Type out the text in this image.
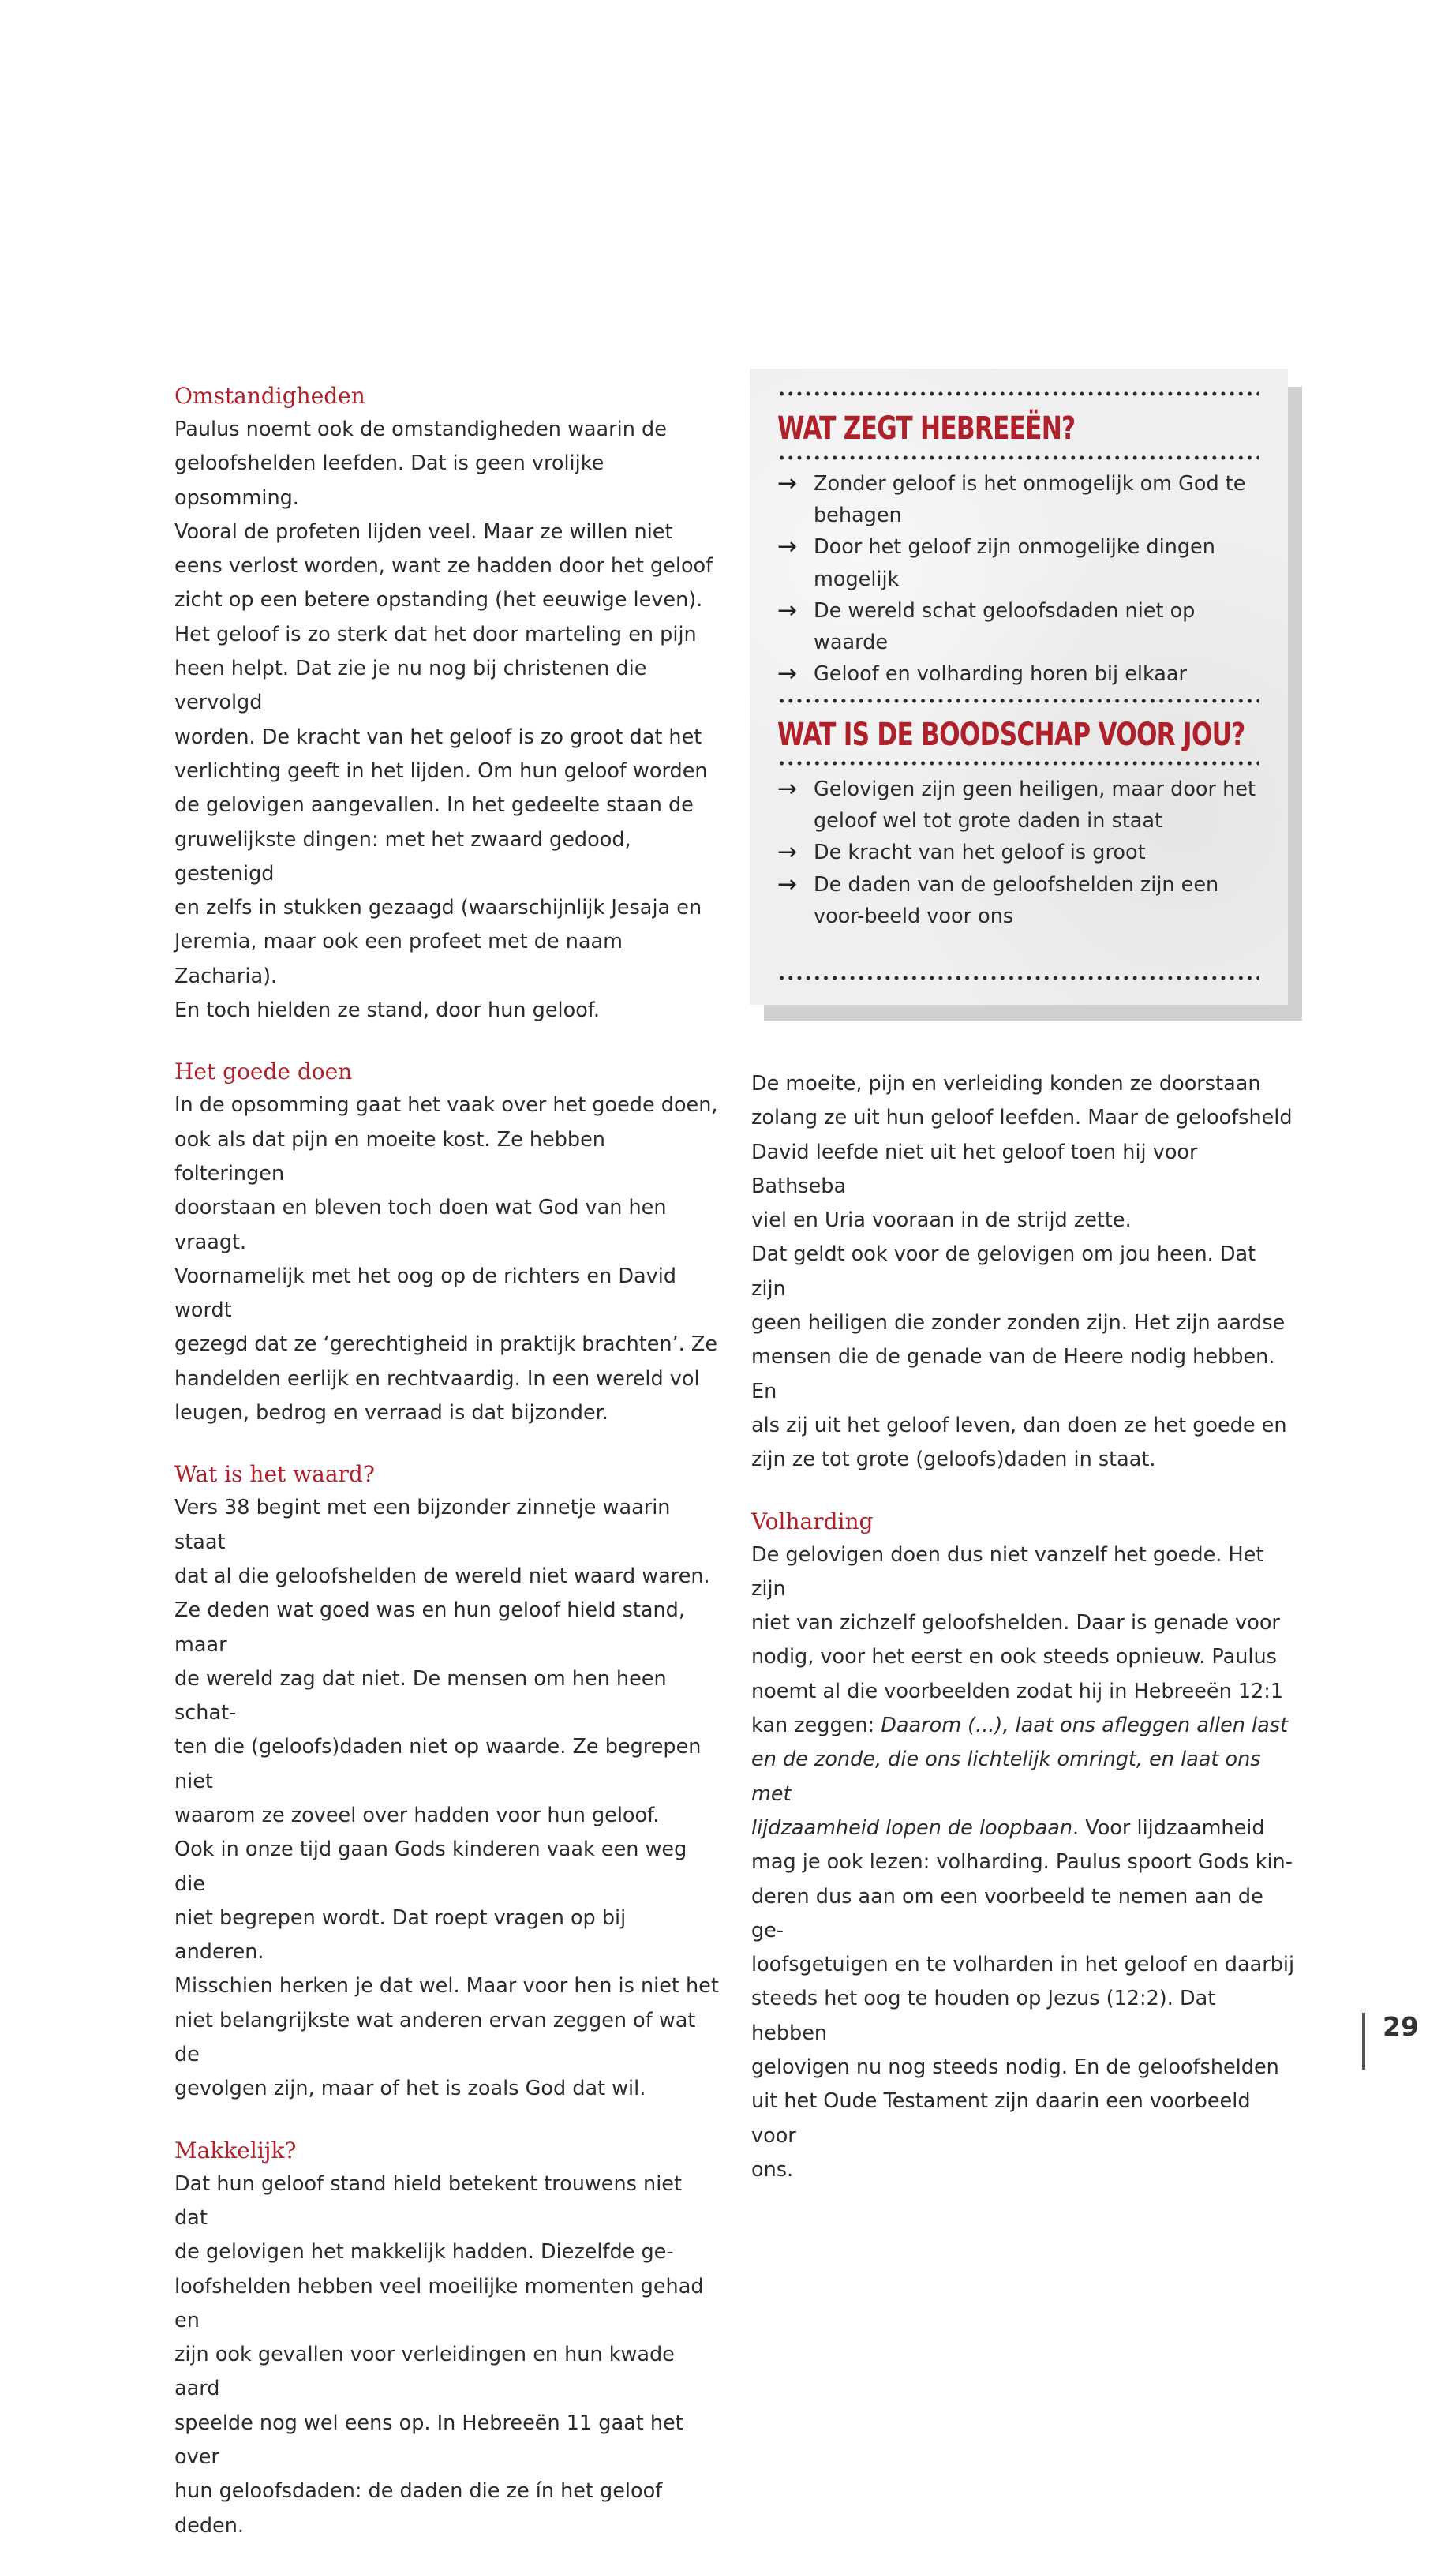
Omstandigheden

Paulus noemt ook de omstandigheden waarin de
geloofshelden leefden. Dat is geen vrolijke opsomming.
Vooral de profeten lijden veel. Maar ze willen niet
eens verlost worden, want ze hadden door het geloof
zicht op een betere opstanding (het eeuwige leven).
Het geloof is zo sterk dat het door marteling en pijn
heen helpt. Dat zie je nu nog bij christenen die vervolgd
worden. De kracht van het geloof is zo groot dat het
verlichting geeft in het lijden. Om hun geloof worden
de gelovigen aangevallen. In het gedeelte staan de
gruwelijkste dingen: met het zwaard gedood, gestenigd
en zelfs in stukken gezaagd (waarschijnlijk Jesaja en
Jeremia, maar ook een profeet met de naam Zacharia).
En toch hielden ze stand, door hun geloof.

Het goede doen

In de opsomming gaat het vaak over het goede doen,
ook als dat pijn en moeite kost. Ze hebben folteringen
doorstaan en bleven toch doen wat God van hen vraagt.
Voornamelijk met het oog op de richters en David wordt
gezegd dat ze ‘gerechtigheid in praktijk brachten’. Ze
handelden eerlijk en rechtvaardig. In een wereld vol
leugen, bedrog en verraad is dat bijzonder.

Wat is het waard?

Vers 38 begint met een bijzonder zinnetje waarin staat
dat al die geloofshelden de wereld niet waard waren.
Ze deden wat goed was en hun geloof hield stand, maar
de wereld zag dat niet. De mensen om hen heen schat-
ten die (geloofs)daden niet op waarde. Ze begrepen niet
waarom ze zoveel over hadden voor hun geloof.
Ook in onze tijd gaan Gods kinderen vaak een weg die
niet begrepen wordt. Dat roept vragen op bij anderen.
Misschien herken je dat wel. Maar voor hen is niet het
niet belangrijkste wat anderen ervan zeggen of wat de
gevolgen zijn, maar of het is zoals God dat wil.

Makkelijk?

Dat hun geloof stand hield betekent trouwens niet dat
de gelovigen het makkelijk hadden. Diezelfde ge-
loofshelden hebben veel moeilijke momenten gehad en
zijn ook gevallen voor verleidingen en hun kwade aard
speelde nog wel eens op. In Hebreeën 11 gaat het over
hun geloofsdaden: de daden die ze ín het geloof deden.

WAT ZEGT HEBREEËN?
→ Zonder geloof is het onmogelijk om God te behagen
→ Door het geloof zijn onmogelijke dingen mogelijk
→ De wereld schat geloofsdaden niet op waarde
→ Geloof en volharding horen bij elkaar
WAT IS DE BOODSCHAP VOOR JOU?
→ Gelovigen zijn geen heiligen, maar door het geloof wel tot grote daden in staat
→ De kracht van het geloof is groot
→ De daden van de geloofshelden zijn een voor-beeld voor ons

De moeite, pijn en verleiding konden ze doorstaan
zolang ze uit hun geloof leefden. Maar de geloofsheld
David leefde niet uit het geloof toen hij voor Bathseba
viel en Uria vooraan in de strijd zette.
Dat geldt ook voor de gelovigen om jou heen. Dat zijn
geen heiligen die zonder zonden zijn. Het zijn aardse
mensen die de genade van de Heere nodig hebben. En
als zij uit het geloof leven, dan doen ze het goede en
zijn ze tot grote (geloofs)daden in staat.

Volharding

De gelovigen doen dus niet vanzelf het goede. Het zijn
niet van zichzelf geloofshelden. Daar is genade voor
nodig, voor het eerst en ook steeds opnieuw. Paulus
noemt al die voorbeelden zodat hij in Hebreeën 12:1
kan zeggen: Daarom (...), laat ons afleggen allen last
en de zonde, die ons lichtelijk omringt, en laat ons met
lijdzaamheid lopen de loopbaan. Voor lijdzaamheid
mag je ook lezen: volharding. Paulus spoort Gods kin-
deren dus aan om een voorbeeld te nemen aan de ge-
loofsgetuigen en te volharden in het geloof en daarbij
steeds het oog te houden op Jezus (12:2). Dat hebben
gelovigen nu nog steeds nodig. En de geloofshelden
uit het Oude Testament zijn daarin een voorbeeld voor
ons.

29
